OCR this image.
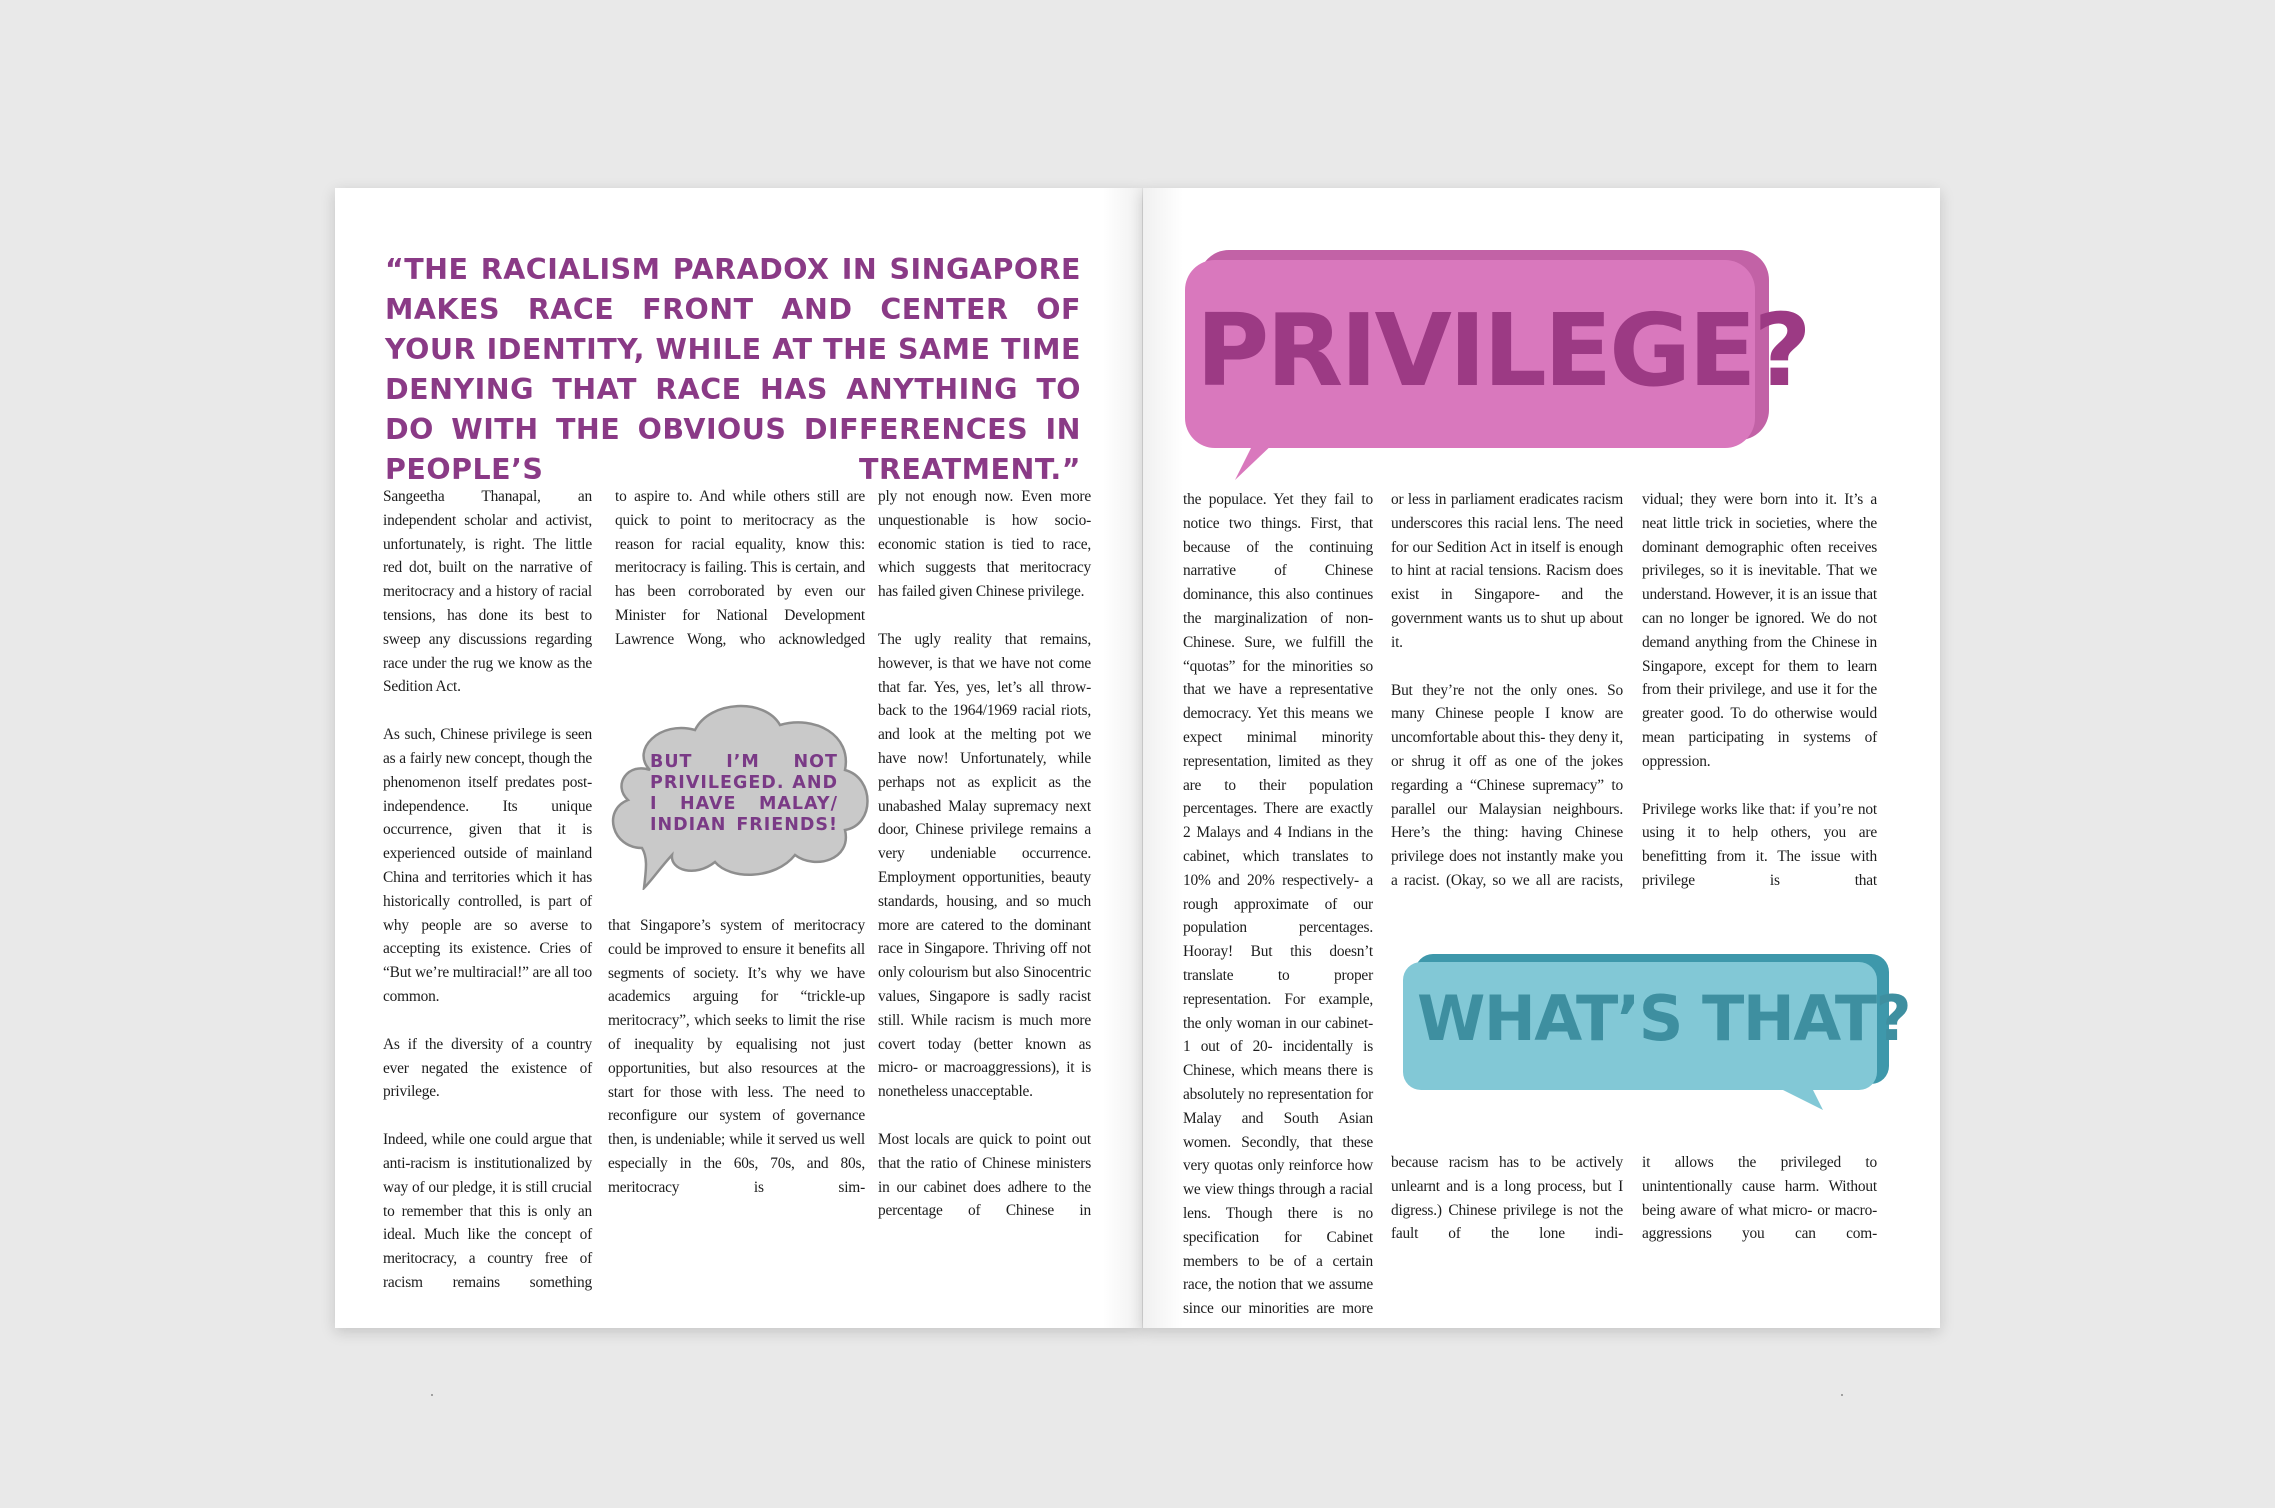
“THE RACIALISM PARADOX IN SINGAPORE MAKES RACE FRONT AND CENTER OF YOUR IDENTITY, WHILE AT THE SAME TIME DENYING THAT RACE HAS ANYTHING TO DO WITH THE OBVIOUS DIFFERENCES IN PEOPLE’S TREATMENT.”

Sangeetha Thanapal, an independent scholar and activist, unfortunately, is right. The little red dot, built on the narrative of meritocracy and a history of racial tensions, has done its best to sweep any discussions regarding race under the rug we know as the Sedition Act.

As such, Chinese privilege is seen as a fairly new concept, though the phenomenon itself predates post-independence. Its unique occurrence, given that it is experienced outside of mainland China and territories which it has historically controlled, is part of why people are so averse to accepting its existence. Cries of “But we’re multiracial!” are all too common.

As if the diversity of a country ever negated the existence of privilege.

Indeed, while one could argue that anti-racism is institutionalized by way of our pledge, it is still crucial to remember that this is only an ideal. Much like the concept of meritocracy, a country free of racism remains something

to aspire to. And while others still are quick to point to meritocracy as the reason for racial equality, know this: meritocracy is failing. This is certain, and has been corroborated by even our Minister for National Development Lawrence Wong, who acknowledged

that Singapore’s system of meritocracy could be improved to ensure it benefits all segments of society. It’s why we have academics arguing for “trickle-up meritocracy”, which seeks to limit the rise of inequality by equalising not just opportunities, but also resources at the start for those with less. The need to reconfigure our system of governance then, is undeniable; while it served us well especially in the 60s, 70s, and 80s, meritocracy is sim-

ply not enough now. Even more unquestionable is how socio-economic station is tied to race, which suggests that meritocracy has failed given Chinese privilege.

The ugly reality that remains, however, is that we have not come that far. Yes, yes, let’s all throw-back to the 1964/1969 racial riots, and look at the melting pot we have now! Unfortunately, while perhaps not as explicit as the unabashed Malay supremacy next door, Chinese privilege remains a very undeniable occurrence. Employment opportunities, beauty standards, housing, and so much more are catered to the dominant race in Singapore. Thriving off not only colourism but also Sinocentric values, Singapore is sadly racist still. While racism is much more covert today (better known as micro- or macroaggressions), it is nonetheless unacceptable.

Most locals are quick to point out that the ratio of Chinese ministers in our cabinet does adhere to the percentage of Chinese in

BUT I’M NOT PRIVILEGED. AND I HAVE MALAY/ INDIAN FRIENDS!
PRIVILEGE?

the populace. Yet they fail to notice two things. First, that because of the continuing narrative of Chinese dominance, this also continues the marginalization of non-Chinese. Sure, we fulfill the “quotas” for the minorities so that we have a representative democracy. Yet this means we expect minimal minority representation, limited as they are to their population percentages. There are exactly 2 Malays and 4 Indians in the cabinet, which translates to 10% and 20% respectively- a rough approximate of our population percentages. Hooray! But this doesn’t translate to proper representation. For example, the only woman in our cabinet- 1 out of 20- incidentally is Chinese, which means there is absolutely no representation for Malay and South Asian women. Secondly, that these very quotas only reinforce how we view things through a racial lens. Though there is no specification for Cabinet members to be of a certain race, the notion that we assume since our minorities are more

or less in parliament eradicates racism underscores this racial lens. The need for our Sedition Act in itself is enough to hint at racial tensions. Racism does exist in Singapore- and the government wants us to shut up about it.

But they’re not the only ones. So many Chinese people I know are uncomfortable about this- they deny it, or shrug it off as one of the jokes regarding a “Chinese supremacy” to parallel our Malaysian neighbours. Here’s the thing: having Chinese privilege does not instantly make you a racist. (Okay, so we all are racists,

vidual; they were born into it. It’s a neat little trick in societies, where the dominant demographic often receives privileges, so it is inevitable. That we understand. However, it is an issue that can no longer be ignored. We do not demand anything from the Chinese in Singapore, except for them to learn from their privilege, and use it for the greater good. To do otherwise would mean participating in systems of oppression.

Privilege works like that: if you’re not using it to help others, you are benefitting from it. The issue with privilege is that

WHAT’S THAT?

because racism has to be actively unlearnt and is a long process, but I digress.) Chinese privilege is not the fault of the lone indi-

it allows the privileged to unintentionally cause harm. Without being aware of what micro- or macro-aggressions you can com-
